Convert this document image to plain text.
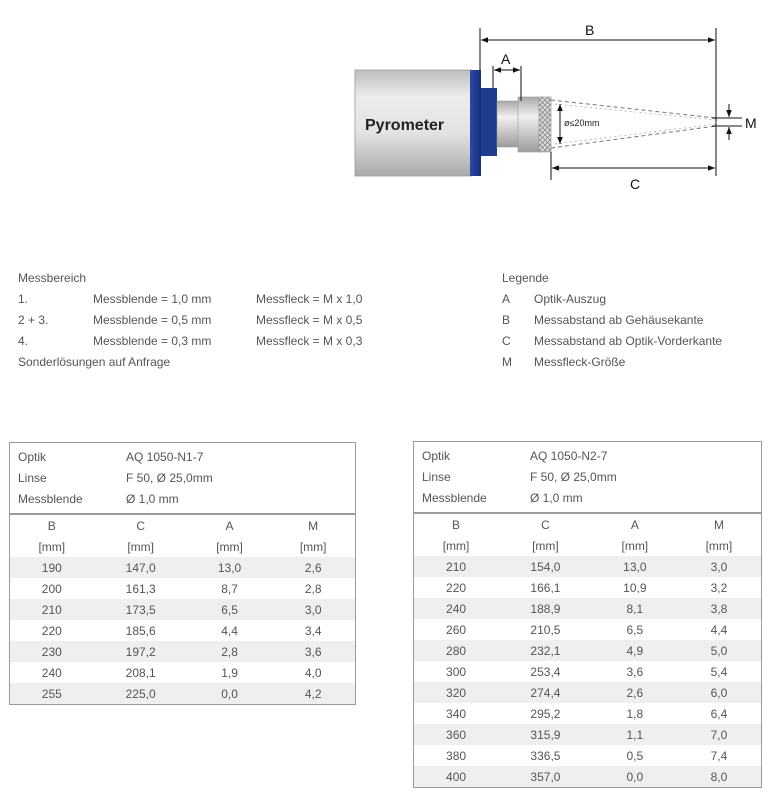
Pyrometer	ø≤20mm
B
A
C
M
Messbereich
1.	Messblende = 1,0 mm	Messfleck = M x 1,0
2 + 3.	Messblende = 0,5 mm	Messfleck = M x 0,5
4.	Messblende = 0,3 mm	Messfleck = M x 0,3
Sonderlösungen auf Anfrage
Legende
A Optik-Auszug
B Messabstand ab Gehäusekante
C Messabstand ab Optik-Vorderkante
M Messfleck-Größe
Optik	AQ 1050-N1-7
Linse	F 50, Ø 25,0mm
Messblende	Ø 1,0 mm
B	C	A	M
[mm]	[mm]	[mm]	[mm]
190	147,0	13,0	2,6
200	161,3	8,7	2,8
210	173,5	6,5	3,0
220	185,6	4,4	3,4
230	197,2	2,8	3,6
240	208,1	1,9	4,0
255	225,0	0,0	4,2
Optik	AQ 1050-N2-7
Linse	F 50, Ø 25,0mm
Messblende	Ø 1,0 mm
B	C	A	M
[mm]	[mm]	[mm]	[mm]
210	154,0	13,0	3,0
220	166,1	10,9	3,2
240	188,9	8,1	3,8
260	210,5	6,5	4,4
280	232,1	4,9	5,0
300	253,4	3,6	5,4
320	274,4	2,6	6,0
340	295,2	1,8	6,4
360	315,9	1,1	7,0
380	336,5	0,5	7,4
400	357,0	0,0	8,0
